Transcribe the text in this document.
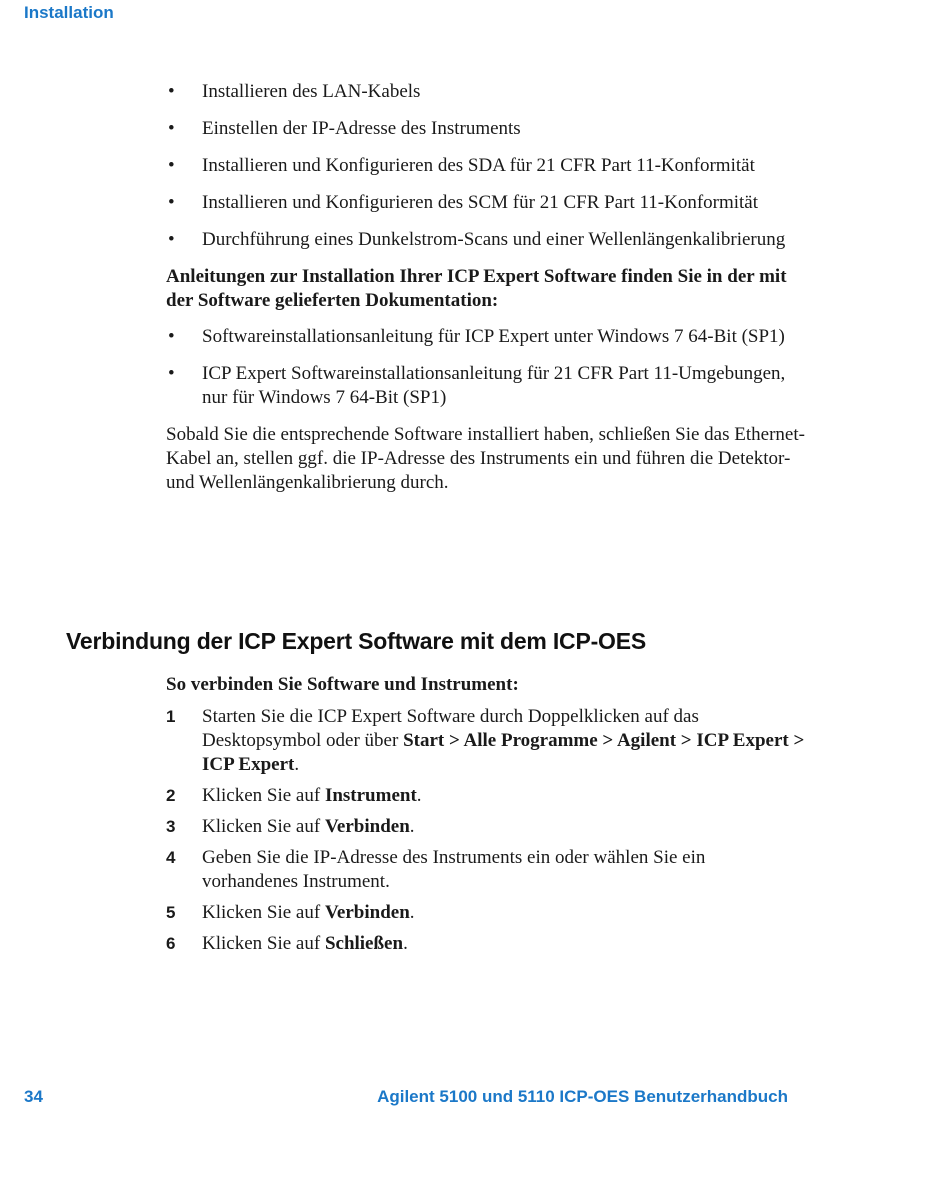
Installation
• Installieren des LAN-Kabels
• Einstellen der IP-Adresse des Instruments
• Installieren und Konfigurieren des SDA für 21 CFR Part 11-Konformität
• Installieren und Konfigurieren des SCM für 21 CFR Part 11-Konformität
• Durchführung eines Dunkelstrom-Scans und einer Wellenlängenkalibrierung

Anleitungen zur Installation Ihrer ICP Expert Software finden Sie in der mit der Software gelieferten Dokumentation:

• Softwareinstallationsanleitung für ICP Expert unter Windows 7 64-Bit (SP1)
• ICP Expert Softwareinstallationsanleitung für 21 CFR Part 11-Umgebungen, nur für Windows 7 64-Bit (SP1)

Sobald Sie die entsprechende Software installiert haben, schließen Sie das Ethernet-Kabel an, stellen ggf. die IP-Adresse des Instruments ein und führen die Detektor- und Wellenlängenkalibrierung durch.

Verbindung der ICP Expert Software mit dem ICP-OES

So verbinden Sie Software und Instrument:

1 Starten Sie die ICP Expert Software durch Doppelklicken auf das Desktopsymbol oder über Start > Alle Programme > Agilent > ICP Expert > ICP Expert.
2 Klicken Sie auf Instrument.
3 Klicken Sie auf Verbinden.
4 Geben Sie die IP-Adresse des Instruments ein oder wählen Sie ein vorhandenes Instrument.
5 Klicken Sie auf Verbinden.
6 Klicken Sie auf Schließen.
34	Agilent 5100 und 5110 ICP-OES Benutzerhandbuch
